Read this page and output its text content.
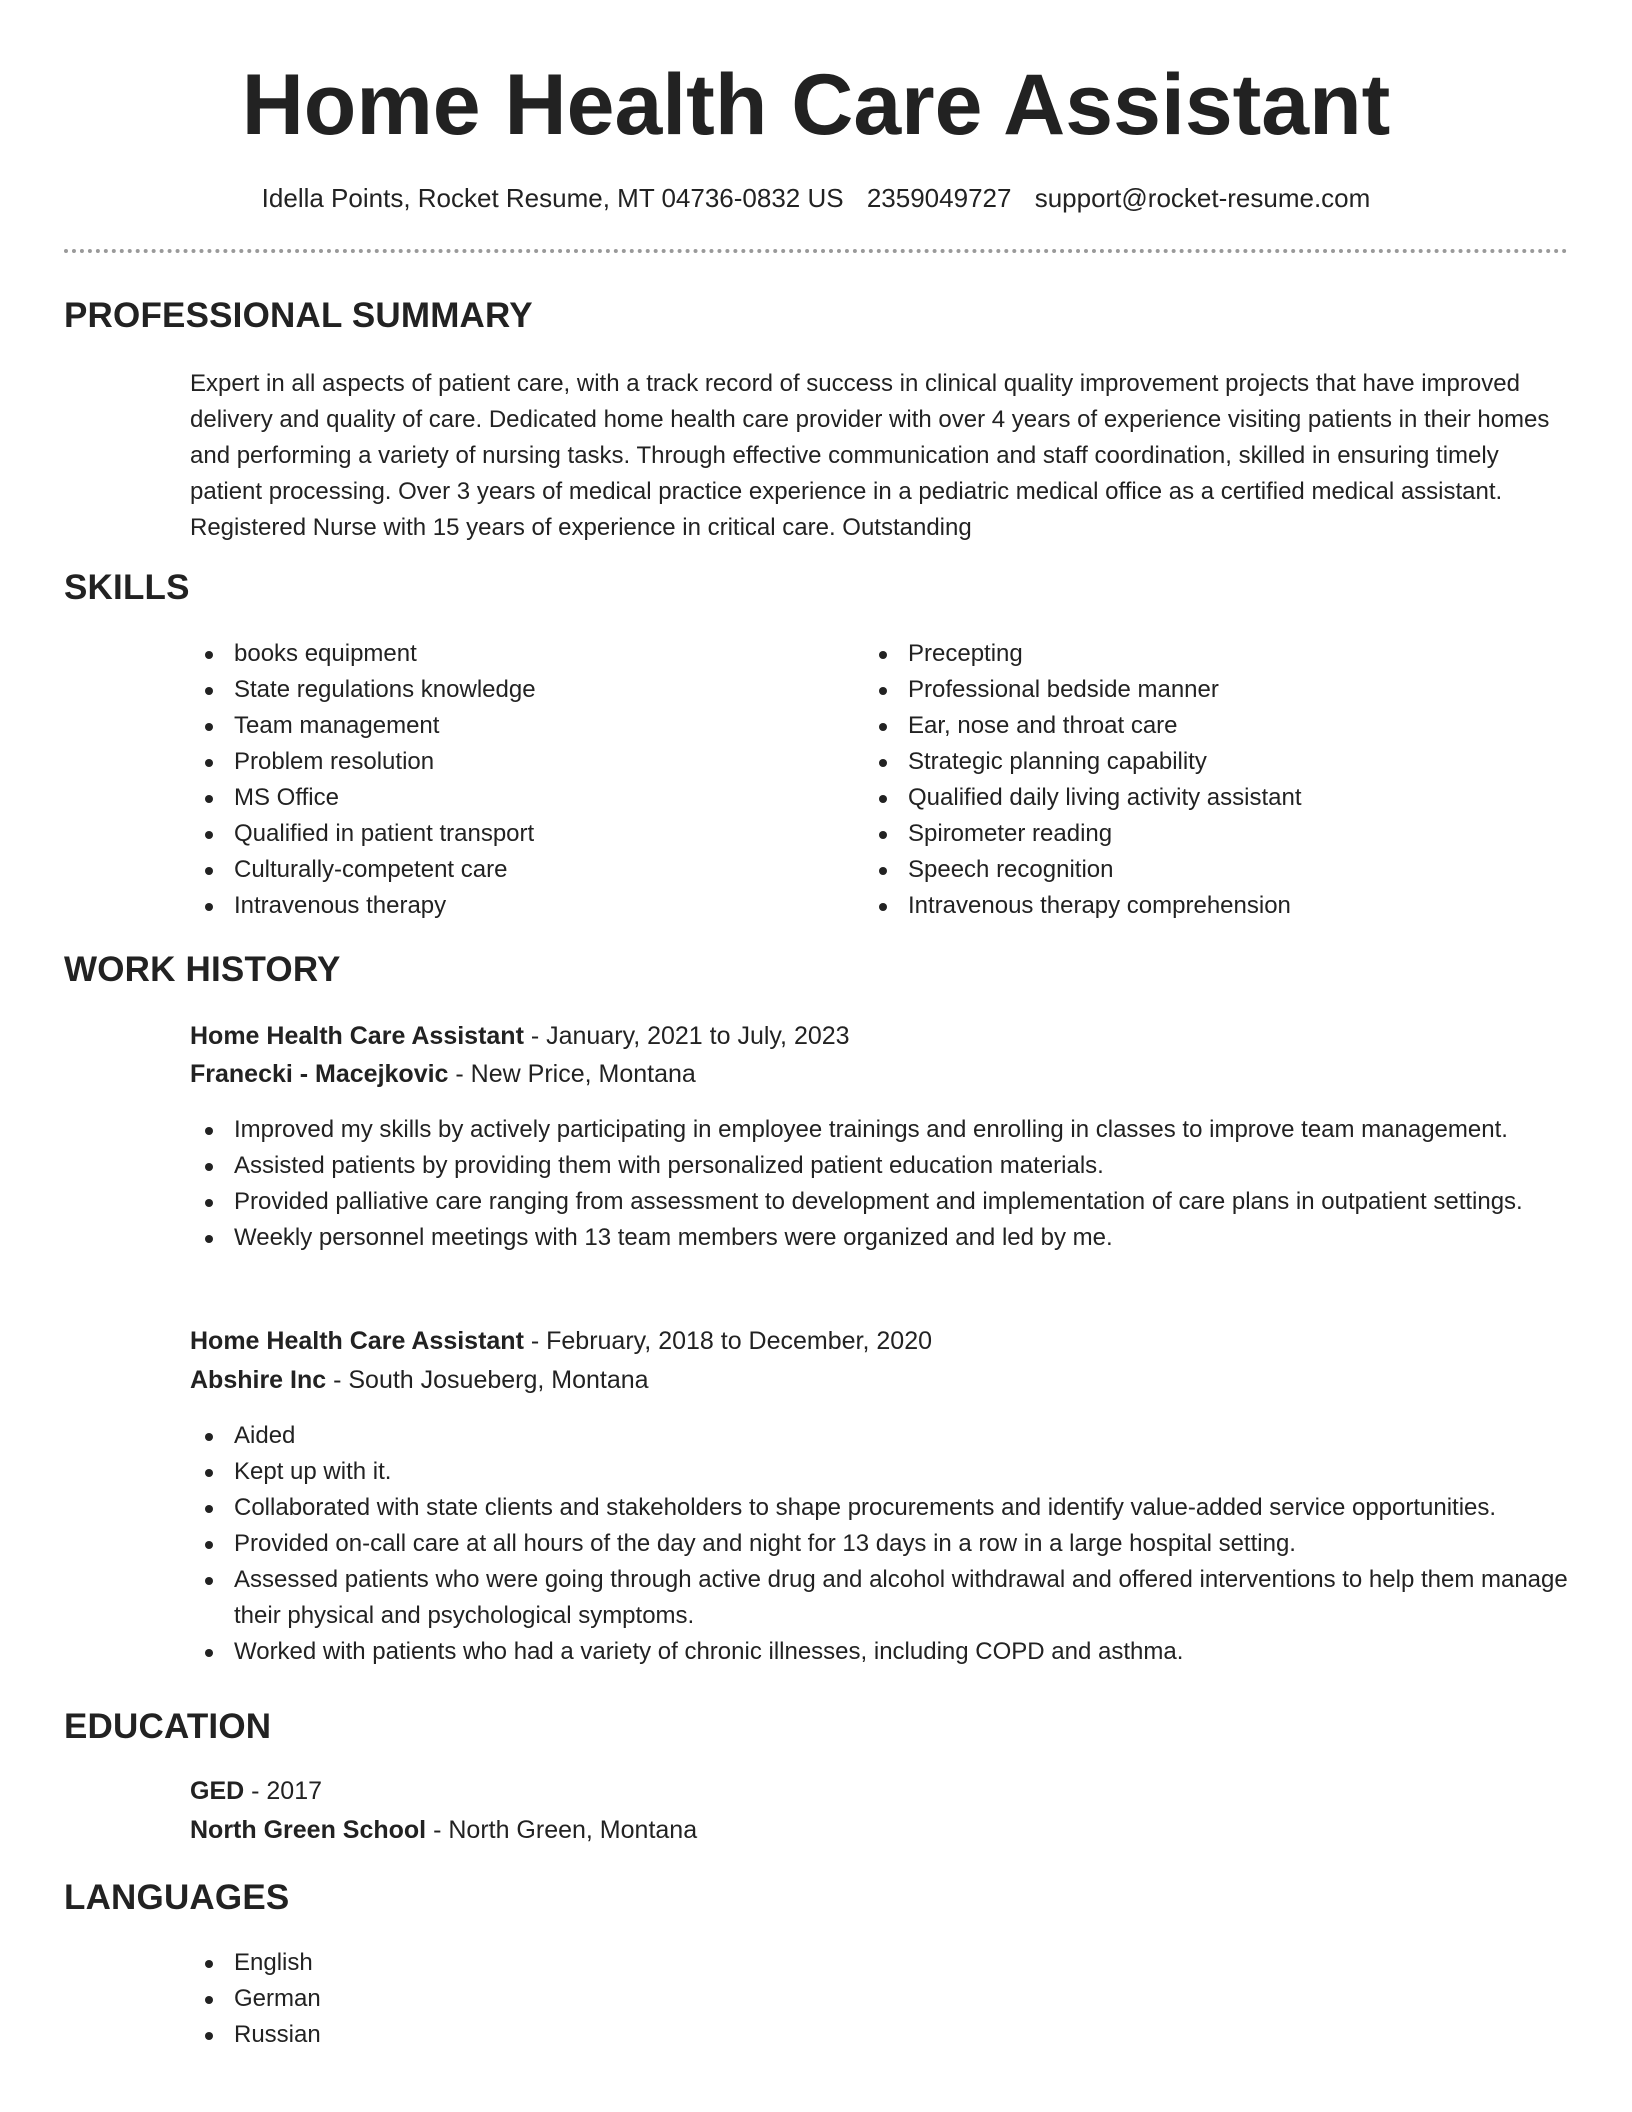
Home Health Care Assistant
Idella Points, Rocket Resume, MT 04736-0832 US 2359049727 support@rocket-resume.com
PROFESSIONAL SUMMARY
Expert in all aspects of patient care, with a track record of success in clinical quality improvement projects that have improved delivery and quality of care. Dedicated home health care provider with over 4 years of experience visiting patients in their homes and performing a variety of nursing tasks. Through effective communication and staff coordination, skilled in ensuring timely patient processing. Over 3 years of medical practice experience in a pediatric medical office as a certified medical assistant. Registered Nurse with 15 years of experience in critical care. Outstanding
SKILLS
books equipment
State regulations knowledge
Team management
Problem resolution
MS Office
Qualified in patient transport
Culturally-competent care
Intravenous therapy
Precepting
Professional bedside manner
Ear, nose and throat care
Strategic planning capability
Qualified daily living activity assistant
Spirometer reading
Speech recognition
Intravenous therapy comprehension
WORK HISTORY
Home Health Care Assistant - January, 2021 to July, 2023
Franecki - Macejkovic - New Price, Montana
Improved my skills by actively participating in employee trainings and enrolling in classes to improve team management.
Assisted patients by providing them with personalized patient education materials.
Provided palliative care ranging from assessment to development and implementation of care plans in outpatient settings.
Weekly personnel meetings with 13 team members were organized and led by me.
Home Health Care Assistant - February, 2018 to December, 2020
Abshire Inc - South Josueberg, Montana
Aided
Kept up with it.
Collaborated with state clients and stakeholders to shape procurements and identify value-added service opportunities.
Provided on-call care at all hours of the day and night for 13 days in a row in a large hospital setting.
Assessed patients who were going through active drug and alcohol withdrawal and offered interventions to help them manage their physical and psychological symptoms.
Worked with patients who had a variety of chronic illnesses, including COPD and asthma.
EDUCATION
GED - 2017
North Green School - North Green, Montana
LANGUAGES
English
German
Russian
